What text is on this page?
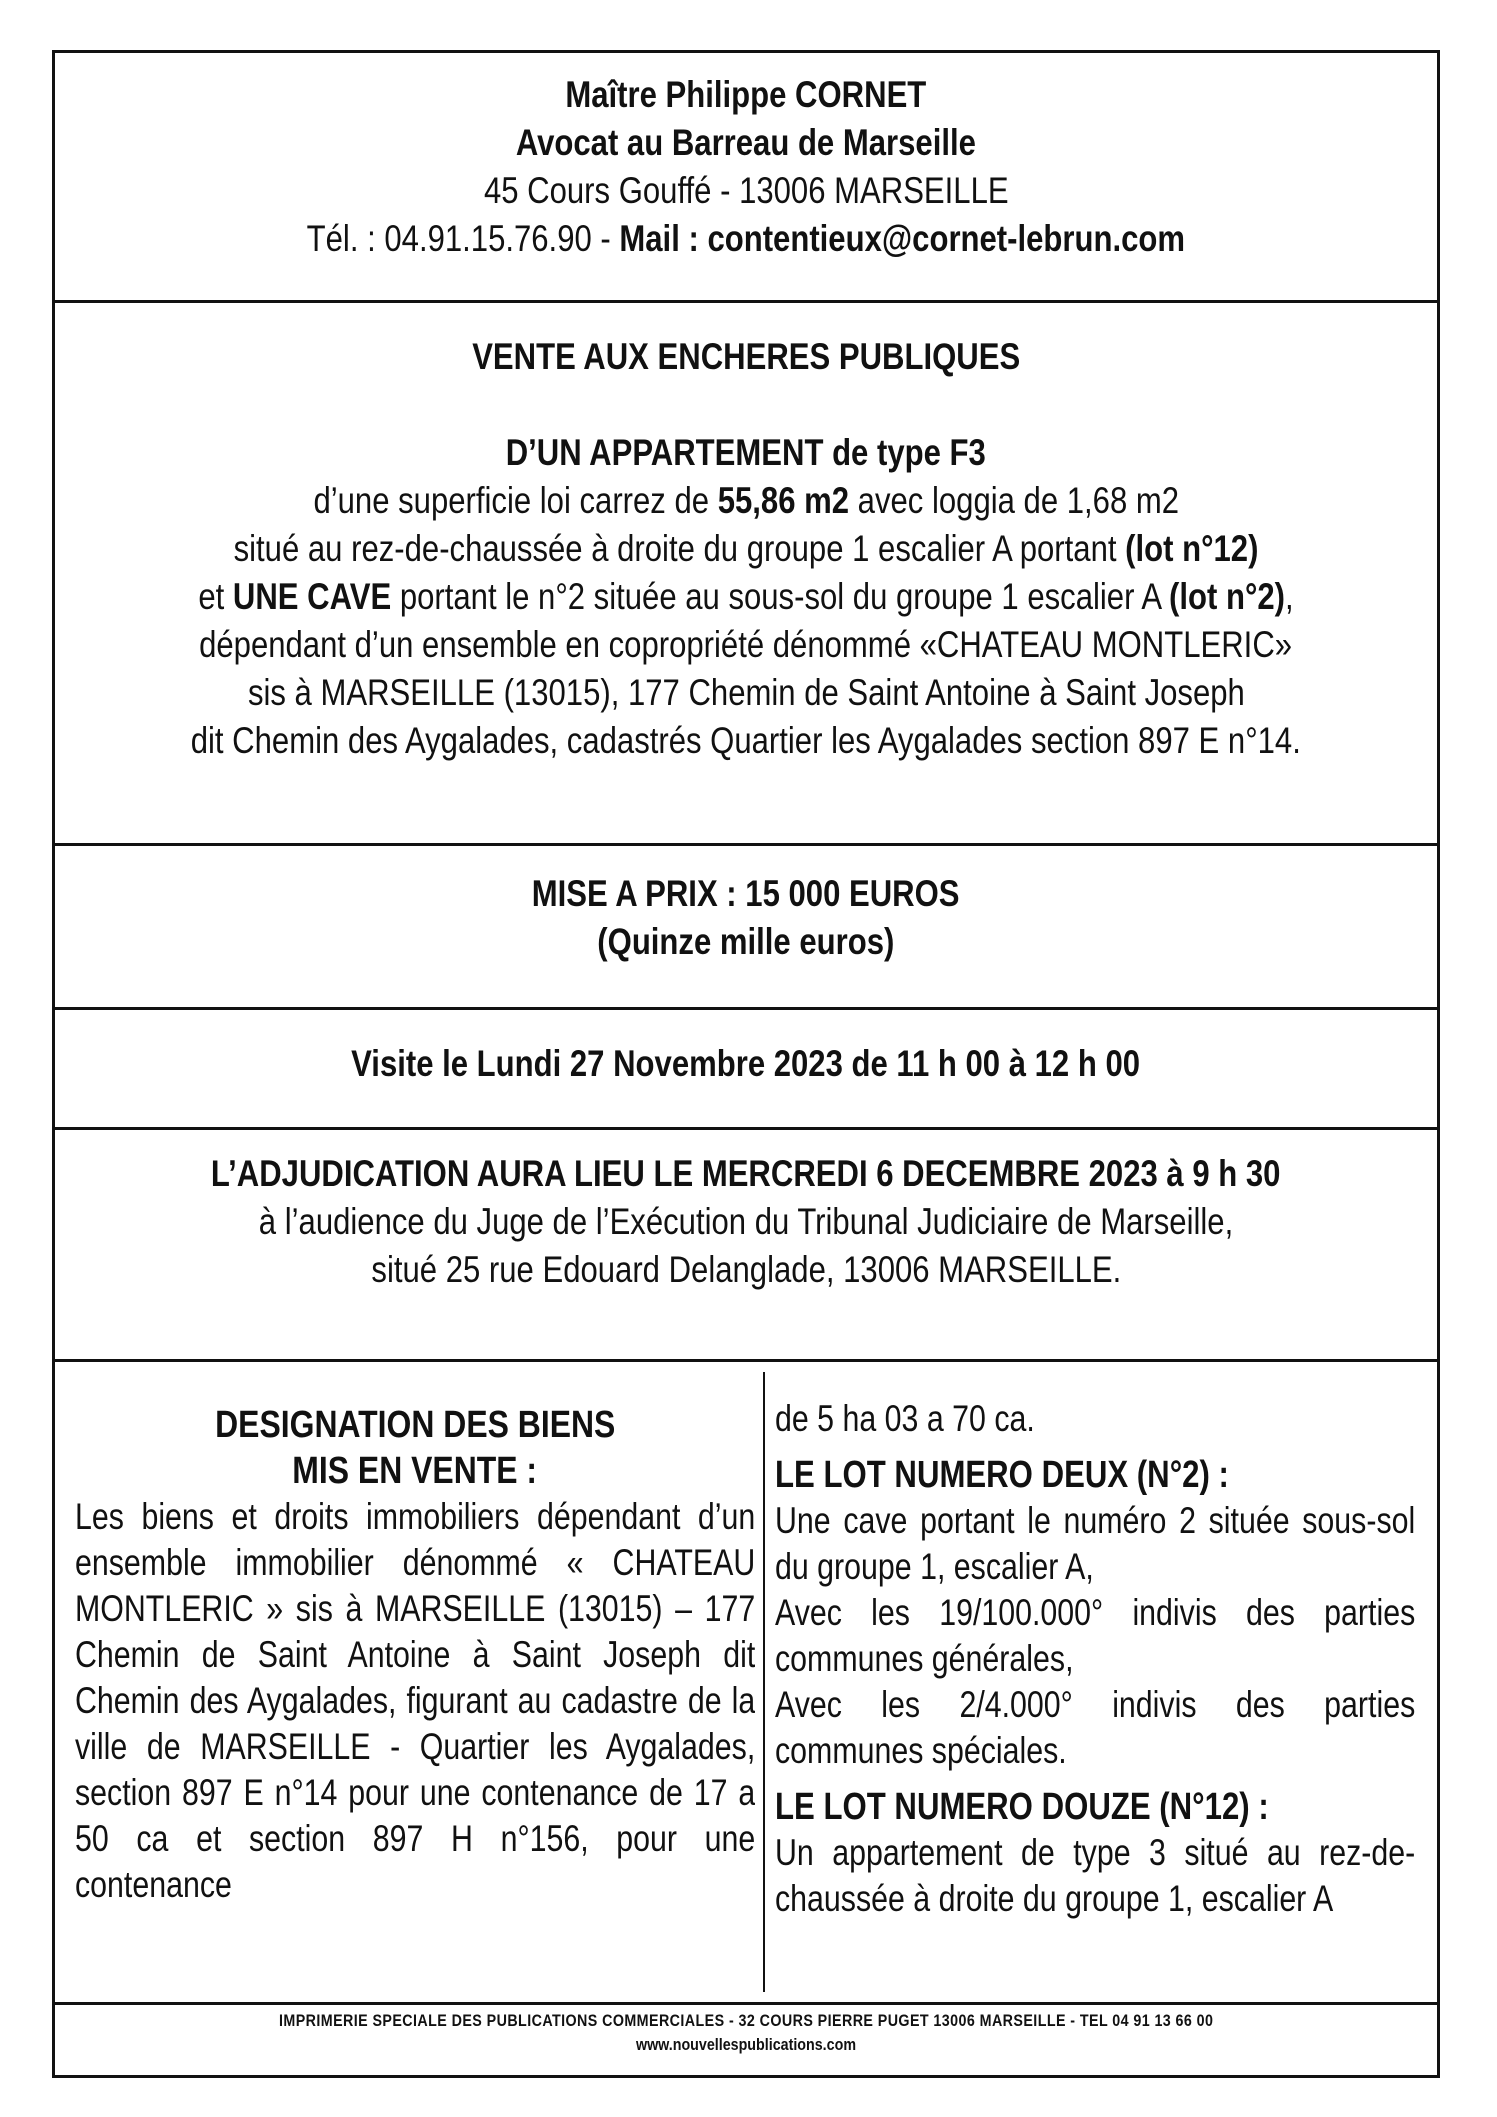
Maître Philippe CORNET
Avocat au Barreau de Marseille
45 Cours Gouffé - 13006 MARSEILLE
Tél. : 04.91.15.76.90 - Mail : contentieux@cornet-lebrun.com
VENTE AUX ENCHERES PUBLIQUES
D’UN APPARTEMENT de type F3
d’une superficie loi carrez de 55,86 m2 avec loggia de 1,68 m2
situé au rez-de-chaussée à droite du groupe 1 escalier A portant (lot n°12)
et UNE CAVE portant le n°2 située au sous-sol du groupe 1 escalier A (lot n°2),
dépendant d’un ensemble en copropriété dénommé «CHATEAU MONTLERIC»
sis à MARSEILLE (13015), 177 Chemin de Saint Antoine à Saint Joseph
dit Chemin des Aygalades, cadastrés Quartier les Aygalades section 897 E n°14.
MISE A PRIX : 15 000 EUROS
(Quinze mille euros)
Visite le Lundi 27 Novembre 2023 de 11 h 00 à 12 h 00
L’ADJUDICATION AURA LIEU LE MERCREDI 6 DECEMBRE 2023 à 9 h 30
à l’audience du Juge de l’Exécution du Tribunal Judiciaire de Marseille,
situé 25 rue Edouard Delanglade, 13006 MARSEILLE.
DESIGNATION DES BIENS
MIS EN VENTE :
Les biens et droits immobiliers dépendant d’un ensemble immobilier dénommé « CHATEAU MONTLERIC » sis à MARSEILLE (13015) – 177 Chemin de Saint Antoine à Saint Joseph dit Chemin des Aygalades, figurant au cadastre de la ville de MARSEILLE - Quartier les Aygalades, section 897 E n°14 pour une contenance de 17 a 50 ca et section 897 H n°156, pour une contenance
de 5 ha 03 a 70 ca.
LE LOT NUMERO DEUX (N°2) :
Une cave portant le numéro 2 située sous-sol du groupe 1, escalier A,
Avec les 19/100.000° indivis des parties communes générales,
Avec les 2/4.000° indivis des parties communes spéciales.
LE LOT NUMERO DOUZE (N°12) :
Un appartement de type 3 situé au rez-de-chaussée à droite du groupe 1, escalier A
IMPRIMERIE SPECIALE DES PUBLICATIONS COMMERCIALES - 32 COURS PIERRE PUGET 13006 MARSEILLE - TEL 04 91 13 66 00
www.nouvellespublications.com
